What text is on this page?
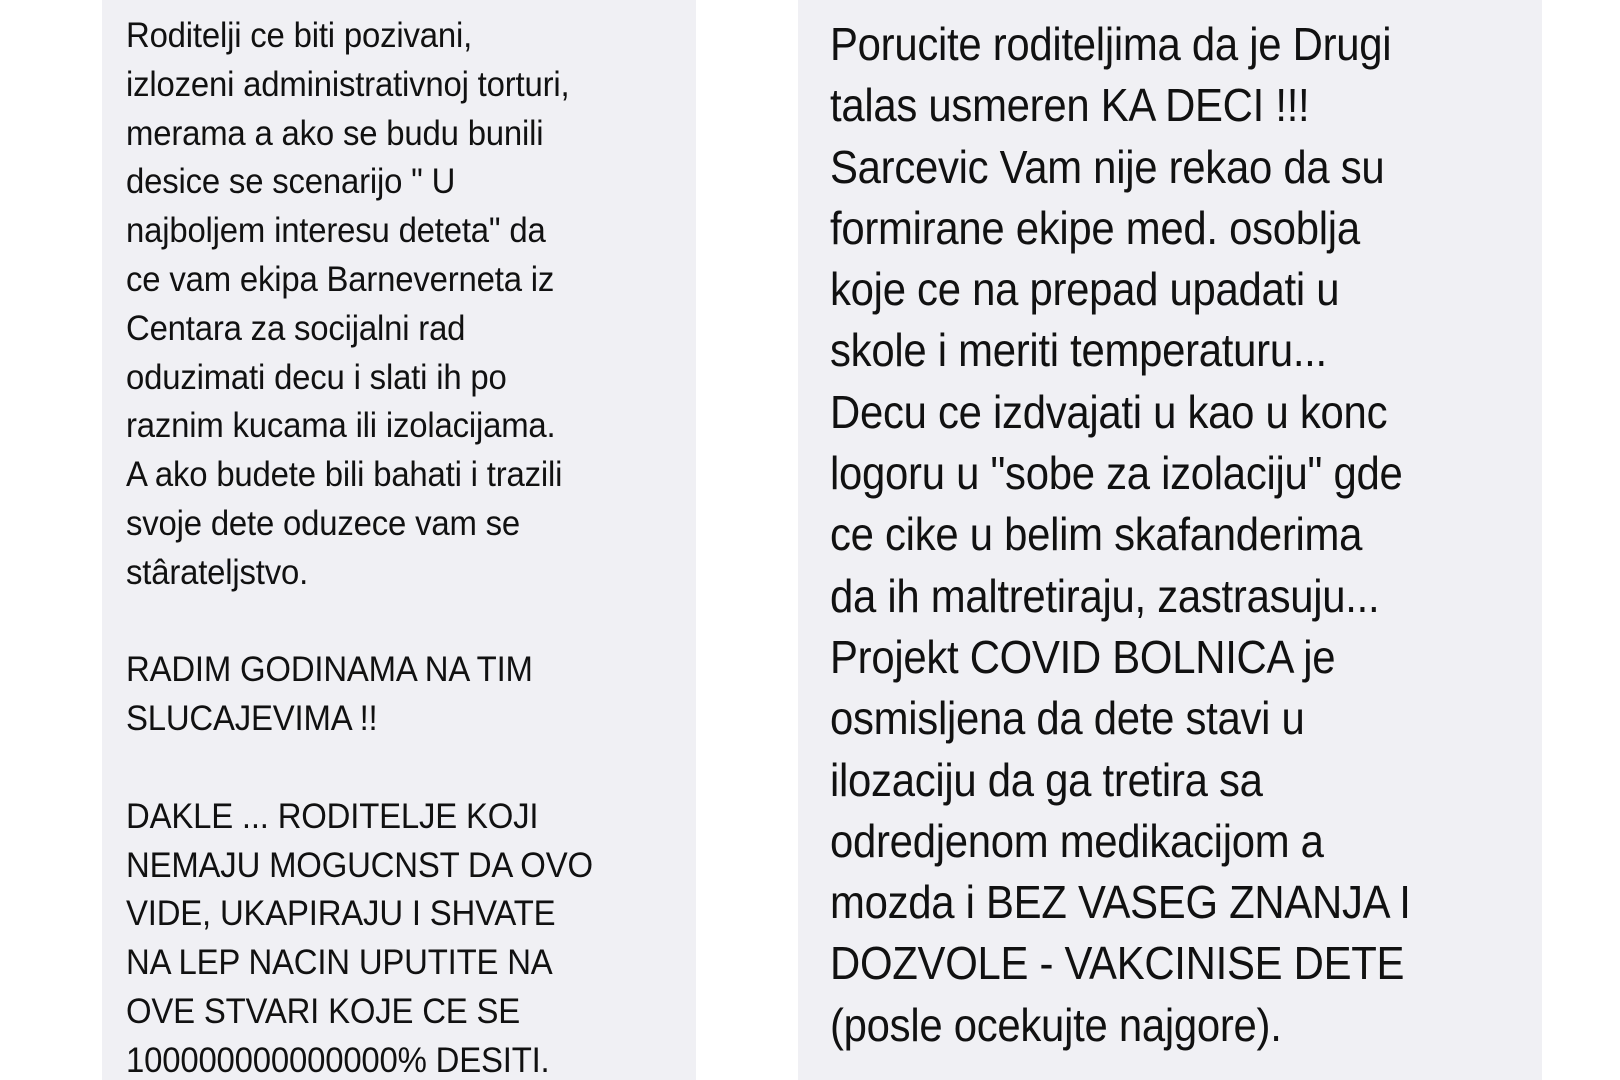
Roditelji ce biti pozivani,
izlozeni administrativnoj torturi,
merama a ako se budu bunili
desice se scenarijo " U
najboljem interesu deteta" da
ce vam ekipa Barneverneta iz
Centara za socijalni rad
oduzimati decu i slati ih po
raznim kucama ili izolacijama.
A ako budete bili bahati i trazili
svoje dete oduzece vam se
stârateljstvo.
RADIM GODINAMA NA TIM
SLUCAJEVIMA !!
DAKLE ... RODITELJE KOJI
NEMAJU MOGUCNST DA OVO
VIDE, UKAPIRAJU I SHVATE
NA LEP NACIN UPUTITE NA
OVE STVARI KOJE CE SE
100000000000000% DESITI.
Porucite roditeljima da je Drugi
talas usmeren KA DECI !!!
Sarcevic Vam nije rekao da su
formirane ekipe med. osoblja
koje ce na prepad upadati u
skole i meriti temperaturu...
Decu ce izdvajati u kao u konc
logoru u "sobe za izolaciju" gde
ce cike u belim skafanderima
da ih maltretiraju, zastrasuju...
Projekt COVID BOLNICA je
osmisljena da dete stavi u
ilozaciju da ga tretira sa
odredjenom medikacijom a
mozda i BEZ VASEG ZNANJA I
DOZVOLE - VAKCINISE DETE
(posle ocekujte najgore).
